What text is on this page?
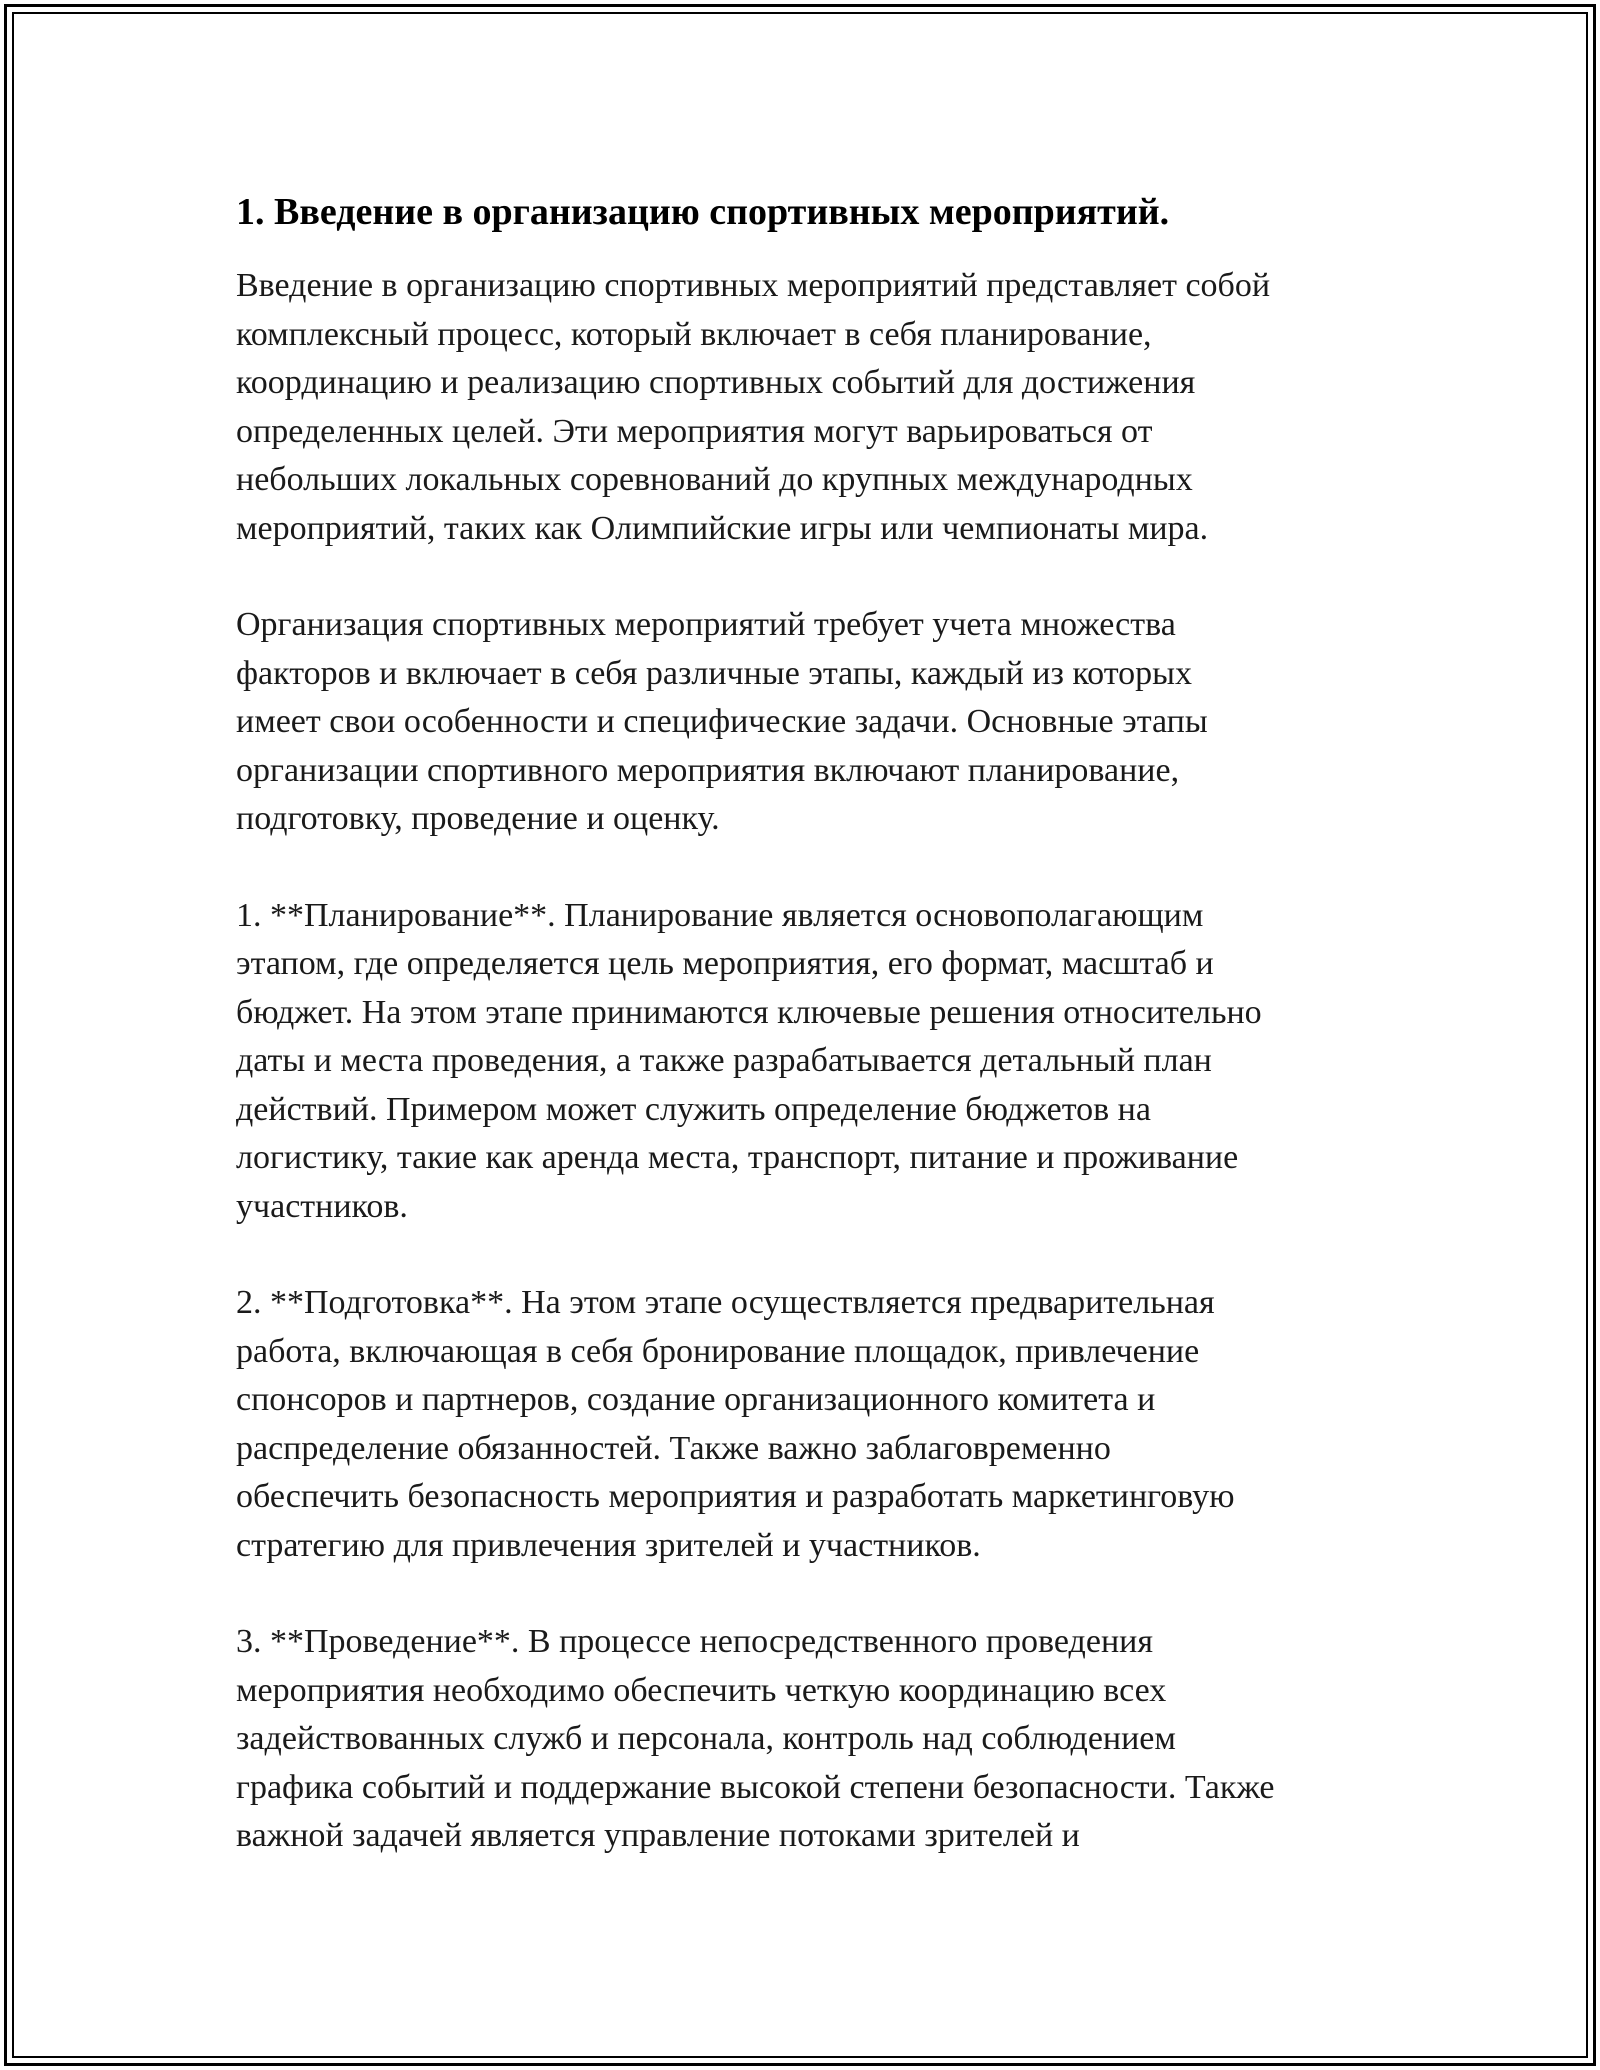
1. Введение в организацию спортивных мероприятий.

Введение в организацию спортивных мероприятий представляет собой
комплексный процесс, который включает в себя планирование,
координацию и реализацию спортивных событий для достижения
определенных целей. Эти мероприятия могут варьироваться от
небольших локальных соревнований до крупных международных
мероприятий, таких как Олимпийские игры или чемпионаты мира.

Организация спортивных мероприятий требует учета множества
факторов и включает в себя различные этапы, каждый из которых
имеет свои особенности и специфические задачи. Основные этапы
организации спортивного мероприятия включают планирование,
подготовку, проведение и оценку.

1. **Планирование**. Планирование является основополагающим
этапом, где определяется цель мероприятия, его формат, масштаб и
бюджет. На этом этапе принимаются ключевые решения относительно
даты и места проведения, а также разрабатывается детальный план
действий. Примером может служить определение бюджетов на
логистику, такие как аренда места, транспорт, питание и проживание
участников.

2. **Подготовка**. На этом этапе осуществляется предварительная
работа, включающая в себя бронирование площадок, привлечение
спонсоров и партнеров, создание организационного комитета и
распределение обязанностей. Также важно заблаговременно
обеспечить безопасность мероприятия и разработать маркетинговую
стратегию для привлечения зрителей и участников.

3. **Проведение**. В процессе непосредственного проведения
мероприятия необходимо обеспечить четкую координацию всех
задействованных служб и персонала, контроль над соблюдением
графика событий и поддержание высокой степени безопасности. Также
важной задачей является управление потоками зрителей и
